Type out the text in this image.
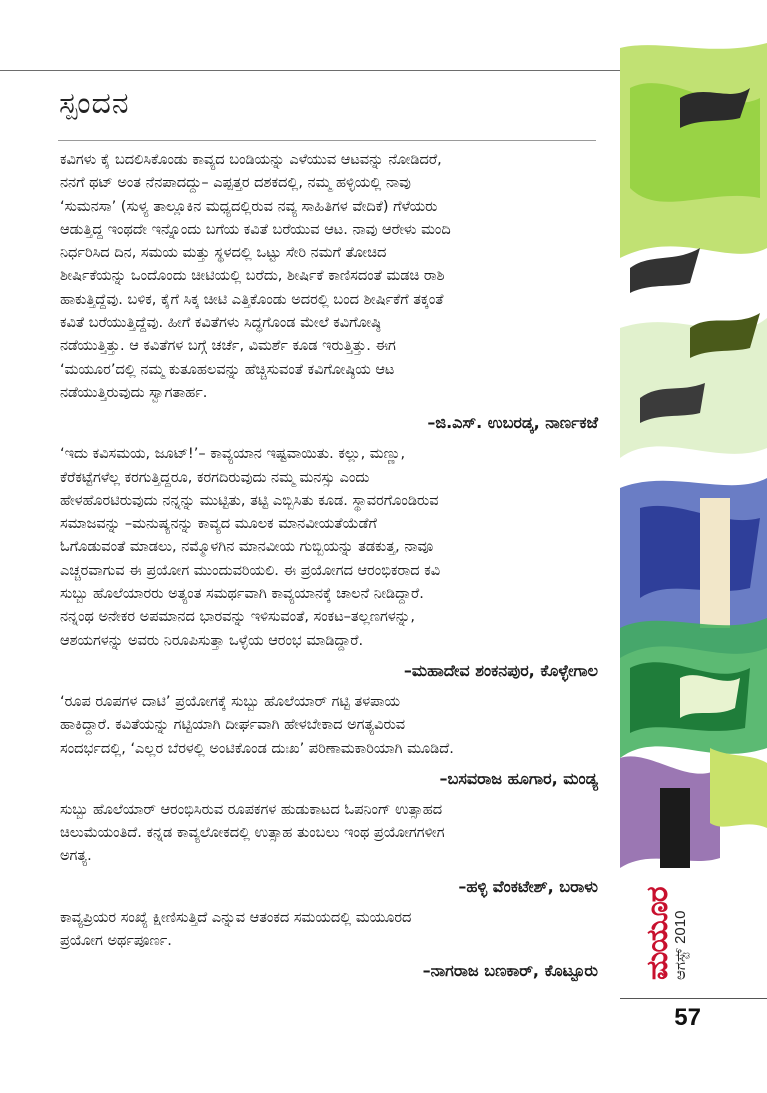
ಸ್ಪಂದನ

ಕವಿಗಳು ಕೈ ಬದಲಿಸಿಕೊಂಡು ಕಾವ್ಯದ ಬಂಡಿಯನ್ನು ಎಳೆಯುವ ಆಟವನ್ನು ನೋಡಿದರೆ,
ನನಗೆ ಥಟ್ ಅಂತ ನೆನಪಾದದ್ದು– ಎಪ್ಪತ್ತರ ದಶಕದಲ್ಲಿ, ನಮ್ಮ ಹಳ್ಳಿಯಲ್ಲಿ ನಾವು
‘ಸುಮನಸಾ’ (ಸುಳ್ಯ ತಾಲ್ಲೂಕಿನ ಮಧ್ಯದಲ್ಲಿರುವ ನವ್ಯ ಸಾಹಿತಿಗಳ ವೇದಿಕೆ) ಗೆಳೆಯರು
ಆಡುತ್ತಿದ್ದ ಇಂಥದೇ ಇನ್ನೊಂದು ಬಗೆಯ ಕವಿತೆ ಬರೆಯುವ ಆಟ. ನಾವು ಆರೇಳು ಮಂದಿ
ನಿರ್ಧರಿಸಿದ ದಿನ, ಸಮಯ ಮತ್ತು ಸ್ಥಳದಲ್ಲಿ ಒಟ್ಟು ಸೇರಿ ನಮಗೆ ತೋಚಿದ
ಶೀರ್ಷಿಕೆಯನ್ನು ಒಂದೊಂದು ಚೀಟಿಯಲ್ಲಿ ಬರೆದು, ಶೀರ್ಷಿಕೆ ಕಾಣಿಸದಂತೆ ಮಡಚಿ ರಾಶಿ
ಹಾಕುತ್ತಿದ್ದೆವು. ಬಳಿಕ, ಕೈಗೆ ಸಿಕ್ಕ ಚೀಟಿ ಎತ್ತಿಕೊಂಡು ಅದರಲ್ಲಿ ಬಂದ ಶೀರ್ಷಿಕೆಗೆ ತಕ್ಕಂತೆ
ಕವಿತೆ ಬರೆಯುತ್ತಿದ್ದೆವು. ಹೀಗೆ ಕವಿತೆಗಳು ಸಿದ್ಧಗೊಂಡ ಮೇಲೆ ಕವಿಗೋಷ್ಠಿ
ನಡೆಯುತ್ತಿತ್ತು. ಆ ಕವಿತೆಗಳ ಬಗ್ಗೆ ಚರ್ಚೆ, ವಿಮರ್ಶೆ ಕೂಡ ಇರುತ್ತಿತ್ತು. ಈಗ
‘ಮಯೂರ’ದಲ್ಲಿ ನಮ್ಮ ಕುತೂಹಲವನ್ನು ಹೆಚ್ಚಿಸುವಂತೆ ಕವಿಗೋಷ್ಠಿಯ ಆಟ
ನಡೆಯುತ್ತಿರುವುದು ಸ್ವಾಗತಾರ್ಹ.

–ಜಿ.ಎಸ್. ಉಬರಡ್ಕ, ನಾರ್ಣಕಜೆ

‘ಇದು ಕವಿಸಮಯ, ಜೂಟ್!’– ಕಾವ್ಯಯಾನ ಇಷ್ಟವಾಯಿತು. ಕಲ್ಲು, ಮಣ್ಣು,
ಕೆರೆಕಟ್ಟೆಗಳೆಲ್ಲ ಕರಗುತ್ತಿದ್ದರೂ, ಕರಗದಿರುವುದು ನಮ್ಮ ಮನಸ್ಸು ಎಂದು
ಹೇಳಹೊರಟಿರುವುದು ನನ್ನನ್ನು ಮುಟ್ಟಿತು, ತಟ್ಟಿ ಎಬ್ಬಿಸಿತು ಕೂಡ. ಸ್ಥಾವರಗೊಂಡಿರುವ
ಸಮಾಜವನ್ನು –ಮನುಷ್ಯನನ್ನು ಕಾವ್ಯದ ಮೂಲಕ ಮಾನವೀಯತೆಯೆಡೆಗೆ
ಓಗೊಡುವಂತೆ ಮಾಡಲು, ನಮ್ಮೊಳಗಿನ ಮಾನವೀಯ ಗುಬ್ಬಿಯನ್ನು ತಡಕುತ್ತ, ನಾವೂ
ಎಚ್ಚರವಾಗುವ ಈ ಪ್ರಯೋಗ ಮುಂದುವರಿಯಲಿ. ಈ ಪ್ರಯೋಗದ ಆರಂಭಿಕರಾದ ಕವಿ
ಸುಬ್ಬು ಹೊಲೆಯಾರರು ಅತ್ಯಂತ ಸಮರ್ಥವಾಗಿ ಕಾವ್ಯಯಾನಕ್ಕೆ ಚಾಲನೆ ನೀಡಿದ್ದಾರೆ.
ನನ್ನಂಥ ಅನೇಕರ ಅಪಮಾನದ ಭಾರವನ್ನು ಇಳಿಸುವಂತೆ, ಸಂಕಟ–ತಲ್ಲಣಗಳನ್ನು,
ಆಶಯಗಳನ್ನು ಅವರು ನಿರೂಪಿಸುತ್ತಾ ಒಳ್ಳೆಯ ಆರಂಭ ಮಾಡಿದ್ದಾರೆ.

–ಮಹಾದೇವ ಶಂಕನಪುರ, ಕೊಳ್ಳೇಗಾಲ

‘ರೂಪ ರೂಪಗಳ ದಾಟಿ’ ಪ್ರಯೋಗಕ್ಕೆ ಸುಬ್ಬು ಹೊಲೆಯಾರ್ ಗಟ್ಟಿ ತಳಪಾಯ
ಹಾಕಿದ್ದಾರೆ. ಕವಿತೆಯನ್ನು ಗಟ್ಟಿಯಾಗಿ ದೀರ್ಘವಾಗಿ ಹೇಳಬೇಕಾದ ಅಗತ್ಯವಿರುವ
ಸಂದರ್ಭದಲ್ಲಿ, ‘ಎಲ್ಲರ ಬೆರಳಲ್ಲಿ ಅಂಟಿಕೊಂಡ ದುಃಖ’ ಪರಿಣಾಮಕಾರಿಯಾಗಿ ಮೂಡಿದೆ.

–ಬಸವರಾಜ ಹೂಗಾರ, ಮಂಡ್ಯ

ಸುಬ್ಬು ಹೊಲೆಯಾರ್ ಆರಂಭಿಸಿರುವ ರೂಪಕಗಳ ಹುಡುಕಾಟದ ಓಪನಿಂಗ್ ಉತ್ಸಾಹದ
ಚಿಲುಮೆಯಂತಿದೆ. ಕನ್ನಡ ಕಾವ್ಯಲೋಕದಲ್ಲಿ ಉತ್ಸಾಹ ತುಂಬಲು ಇಂಥ ಪ್ರಯೋಗಗಳೀಗ
ಅಗತ್ಯ.

–ಹಳ್ಳಿ ವೆಂಕಟೇಶ್, ಬರಾಳು

ಕಾವ್ಯಪ್ರಿಯರ ಸಂಖ್ಯೆ ಕ್ಷೀಣಿಸುತ್ತಿದೆ ಎನ್ನುವ ಆತಂಕದ ಸಮಯದಲ್ಲಿ ಮಯೂರದ
ಪ್ರಯೋಗ ಅರ್ಥಪೂರ್ಣ.

–ನಾಗರಾಜ ಬಣಕಾರ್, ಕೊಟ್ಟೂರು ಮಯೂರ
ಆಗಸ್ಟ್ 2010
57
